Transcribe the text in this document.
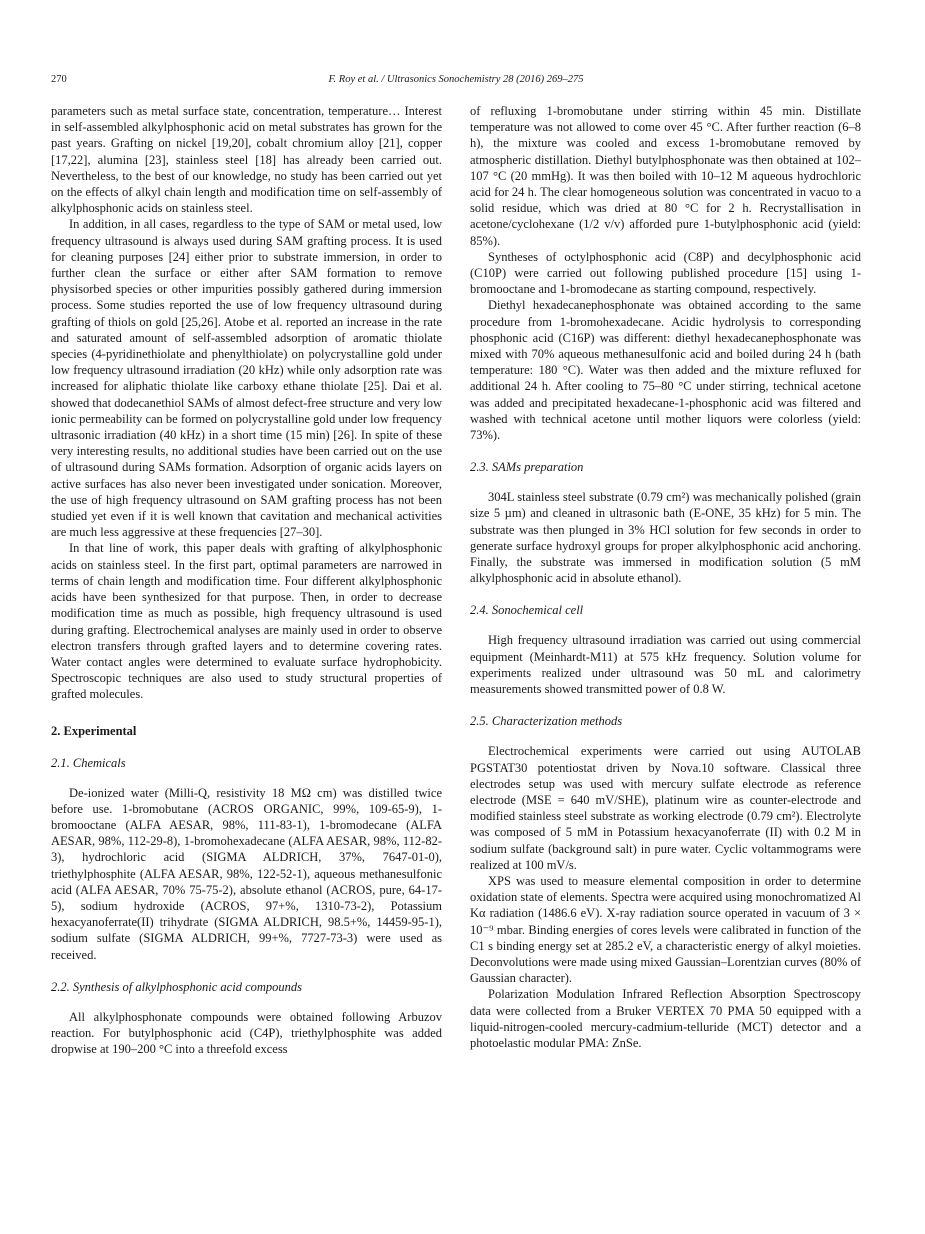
270	F. Roy et al. / Ultrasonics Sonochemistry 28 (2016) 269–275

parameters such as metal surface state, concentration, temperature… Interest in self-assembled alkylphosphonic acid on metal substrates has grown for the past years. Grafting on nickel [19,20], cobalt chromium alloy [21], copper [17,22], alumina [23], stainless steel [18] has already been carried out. Nevertheless, to the best of our knowledge, no study has been carried out yet on the effects of alkyl chain length and modification time on self-assembly of alkylphosphonic acids on stainless steel.

In addition, in all cases, regardless to the type of SAM or metal used, low frequency ultrasound is always used during SAM grafting process. It is used for cleaning purposes [24] either prior to substrate immersion, in order to further clean the surface or either after SAM formation to remove physisorbed species or other impurities possibly gathered during immersion process. Some studies reported the use of low frequency ultrasound during grafting of thiols on gold [25,26]. Atobe et al. reported an increase in the rate and saturated amount of self-assembled adsorption of aromatic thiolate species (4-pyridinethiolate and phenylthiolate) on polycrystalline gold under low frequency ultrasound irradiation (20 kHz) while only adsorption rate was increased for aliphatic thiolate like carboxy ethane thiolate [25]. Dai et al. showed that dodecanethiol SAMs of almost defect-free structure and very low ionic permeability can be formed on polycrystalline gold under low frequency ultrasonic irradiation (40 kHz) in a short time (15 min) [26]. In spite of these very interesting results, no additional studies have been carried out on the use of ultrasound during SAMs formation. Adsorption of organic acids layers on active surfaces has also never been investigated under sonication. Moreover, the use of high frequency ultrasound on SAM grafting process has not been studied yet even if it is well known that cavitation and mechanical activities are much less aggressive at these frequencies [27–30].

In that line of work, this paper deals with grafting of alkylphosphonic acids on stainless steel. In the first part, optimal parameters are narrowed in terms of chain length and modification time. Four different alkylphosphonic acids have been synthesized for that purpose. Then, in order to decrease modification time as much as possible, high frequency ultrasound is used during grafting. Electrochemical analyses are mainly used in order to observe electron transfers through grafted layers and to determine covering rates. Water contact angles were determined to evaluate surface hydrophobicity. Spectroscopic techniques are also used to study structural properties of grafted molecules.

2. Experimental
2.1. Chemicals

De-ionized water (Milli-Q, resistivity 18 MΩ cm) was distilled twice before use. 1-bromobutane (ACROS ORGANIC, 99%, 109-65-9), 1-bromooctane (ALFA AESAR, 98%, 111-83-1), 1-bromodecane (ALFA AESAR, 98%, 112-29-8), 1-bromohexadecane (ALFA AESAR, 98%, 112-82-3), hydrochloric acid (SIGMA ALDRICH, 37%, 7647-01-0), triethylphosphite (ALFA AESAR, 98%, 122-52-1), aqueous methanesulfonic acid (ALFA AESAR, 70% 75-75-2), absolute ethanol (ACROS, pure, 64-17-5), sodium hydroxide (ACROS, 97+%, 1310-73-2), Potassium hexacyanoferrate(II) trihydrate (SIGMA ALDRICH, 98.5+%, 14459-95-1), sodium sulfate (SIGMA ALDRICH, 99+%, 7727-73-3) were used as received.

2.2. Synthesis of alkylphosphonic acid compounds

All alkylphosphonate compounds were obtained following Arbuzov reaction. For butylphosphonic acid (C4P), triethylphosphite was added dropwise at 190–200 °C into a threefold excess

of refluxing 1-bromobutane under stirring within 45 min. Distillate temperature was not allowed to come over 45 °C. After further reaction (6–8 h), the mixture was cooled and excess 1-bromobutane removed by atmospheric distillation. Diethyl butylphosphonate was then obtained at 102–107 °C (20 mmHg). It was then boiled with 10–12 M aqueous hydrochloric acid for 24 h. The clear homogeneous solution was concentrated in vacuo to a solid residue, which was dried at 80 °C for 2 h. Recrystallisation in acetone/cyclohexane (1/2 v/v) afforded pure 1-butylphosphonic acid (yield: 85%).

Syntheses of octylphosphonic acid (C8P) and decylphosphonic acid (C10P) were carried out following published procedure [15] using 1-bromooctane and 1-bromodecane as starting compound, respectively.

Diethyl hexadecanephosphonate was obtained according to the same procedure from 1-bromohexadecane. Acidic hydrolysis to corresponding phosphonic acid (C16P) was different: diethyl hexadecanephosphonate was mixed with 70% aqueous methanesulfonic acid and boiled during 24 h (bath temperature: 180 °C). Water was then added and the mixture refluxed for additional 24 h. After cooling to 75–80 °C under stirring, technical acetone was added and precipitated hexadecane-1-phosphonic acid was filtered and washed with technical acetone until mother liquors were colorless (yield: 73%).

2.3. SAMs preparation

304L stainless steel substrate (0.79 cm²) was mechanically polished (grain size 5 µm) and cleaned in ultrasonic bath (E-ONE, 35 kHz) for 5 min. The substrate was then plunged in 3% HCl solution for few seconds in order to generate surface hydroxyl groups for proper alkylphosphonic acid anchoring. Finally, the substrate was immersed in modification solution (5 mM alkylphosphonic acid in absolute ethanol).

2.4. Sonochemical cell

High frequency ultrasound irradiation was carried out using commercial equipment (Meinhardt-M11) at 575 kHz frequency. Solution volume for experiments realized under ultrasound was 50 mL and calorimetry measurements showed transmitted power of 0.8 W.

2.5. Characterization methods

Electrochemical experiments were carried out using AUTOLAB PGSTAT30 potentiostat driven by Nova.10 software. Classical three electrodes setup was used with mercury sulfate electrode as reference electrode (MSE = 640 mV/SHE), platinum wire as counter-electrode and modified stainless steel substrate as working electrode (0.79 cm²). Electrolyte was composed of 5 mM in Potassium hexacyanoferrate (II) with 0.2 M in sodium sulfate (background salt) in pure water. Cyclic voltammograms were realized at 100 mV/s.

XPS was used to measure elemental composition in order to determine oxidation state of elements. Spectra were acquired using monochromatized Al Kα radiation (1486.6 eV). X-ray radiation source operated in vacuum of 3 × 10⁻⁹ mbar. Binding energies of cores levels were calibrated in function of the C1 s binding energy set at 285.2 eV, a characteristic energy of alkyl moieties. Deconvolutions were made using mixed Gaussian–Lorentzian curves (80% of Gaussian character).

Polarization Modulation Infrared Reflection Absorption Spectroscopy data were collected from a Bruker VERTEX 70 PMA 50 equipped with a liquid-nitrogen-cooled mercury-cadmium-telluride (MCT) detector and a photoelastic modular PMA: ZnSe.
